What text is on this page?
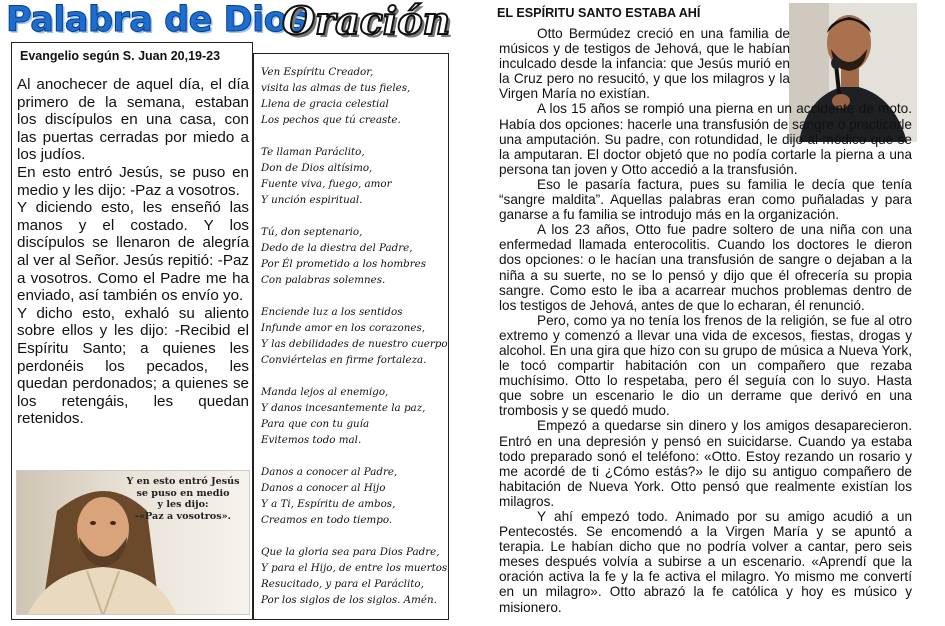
Palabra de Dios
Oración
Evangelio según S. Juan 20,19-23

Al anochecer de aquel día, el día primero de la semana, estaban los discípulos en una casa, con las puertas cerradas por miedo a los judíos.

En esto entró Jesús, se puso en medio y les dijo: -Paz a vosotros.

Y diciendo esto, les enseñó las manos y el costado. Y los discípulos se llenaron de alegría al ver al Señor. Jesús repitió: -Paz a vosotros. Como el Padre me ha enviado, así también os envío yo.

Y dicho esto, exhaló su aliento sobre ellos y les dijo: -Recibid el Espíritu Santo; a quienes les perdonéis los pecados, les quedan perdonados; a quienes se los retengáis, les quedan retenidos.

Y en esto entró Jesús
se puso en medio
y les dijo:
-«Paz a vosotros».
Ven Espíritu Creador,
visita las almas de tus fieles,
Llena de gracia celestial
Los pechos que tú creaste.
Te llaman Paráclito,
Don de Dios altísimo,
Fuente viva, fuego, amor
Y unción espiritual.
Tú, don septenario,
Dedo de la diestra del Padre,
Por Él prometido a los hombres
Con palabras solemnes.
Enciende luz a los sentidos
Infunde amor en los corazones,
Y las debilidades de nuestro cuerpo
Conviértelas en firme fortaleza.
Manda lejos al enemigo,
Y danos incesantemente la paz,
Para que con tu guía
Evitemos todo mal.
Danos a conocer al Padre,
Danos a conocer al Hijo
Y a Ti, Espíritu de ambos,
Creamos en todo tiempo.
Que la gloria sea para Dios Padre,
Y para el Hijo, de entre los muertos
Resucitado, y para el Paráclito,
Por los siglos de los siglos. Amén.
EL ESPÍRITU SANTO ESTABA AHÍ

Otto Bermúdez creció en una familia de músicos y de testigos de Jehová, que le habían inculcado desde la infancia: que Jesús murió en la Cruz pero no resucitó, y que los milagros y la Virgen María no existían.

A los 15 años se rompió una pierna en un accidente de moto. Había dos opciones: hacerle una transfusión de sangre o practicarle una amputación. Su padre, con rotundidad, le dijo al médico que se la amputaran. El doctor objetó que no podía cortarle la pierna a una persona tan joven y Otto accedió a la transfusión.

Eso le pasaría factura, pues su familia le decía que tenía “sangre maldita”. Aquellas palabras eran como puñaladas y para ganarse a fu familia se introdujo más en la organización.

A los 23 años, Otto fue padre soltero de una niña con una enfermedad llamada enterocolitis. Cuando los doctores le dieron dos opciones: o le hacían una transfusión de sangre o dejaban a la niña a su suerte, no se lo pensó y dijo que él ofrecería su propia sangre. Como esto le iba a acarrear muchos problemas dentro de los testigos de Jehová, antes de que lo echaran, él renunció.

Pero, como ya no tenía los frenos de la religión, se fue al otro extremo y comenzó a llevar una vida de excesos, fiestas, drogas y alcohol. En una gira que hizo con su grupo de música a Nueva York, le tocó compartir habitación con un compañero que rezaba muchísimo. Otto lo respetaba, pero él seguía con lo suyo. Hasta que sobre un escenario le dio un derrame que derivó en una trombosis y se quedó mudo.

Empezó a quedarse sin dinero y los amigos desaparecieron. Entró en una depresión y pensó en suicidarse. Cuando ya estaba todo preparado sonó el teléfono: «Otto. Estoy rezando un rosario y me acordé de ti ¿Cómo estás?» le dijo su antiguo compañero de habitación de Nueva York. Otto pensó que realmente existían los milagros.

Y ahí empezó todo. Animado por su amigo acudió a un Pentecostés. Se encomendó a la Virgen María y se apuntó a terapia. Le habían dicho que no podría volver a cantar, pero seis meses después volvía a subirse a un escenario. «Aprendí que la oración activa la fe y la fe activa el milagro. Yo mismo me convertí en un milagro». Otto abrazó la fe católica y hoy es músico y misionero.
